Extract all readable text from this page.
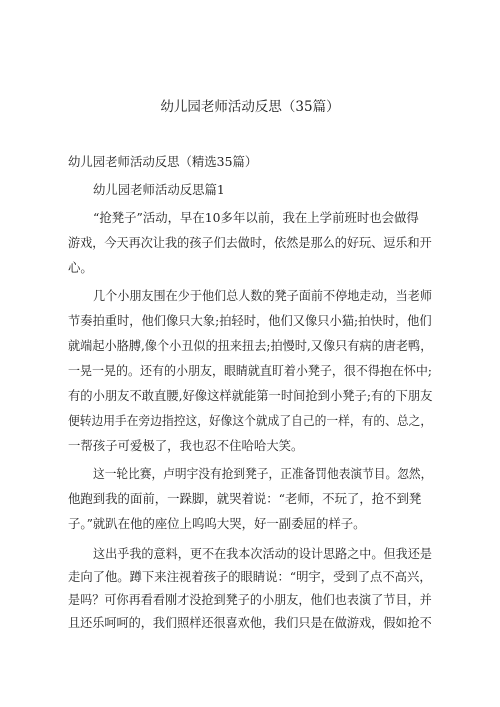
幼儿园老师活动反思（35篇）
幼儿园老师活动反思（精选35篇）
幼儿园老师活动反思篇1
“抢凳子”活动，早在10多年以前，我在上学前班时也会做得
游戏，今天再次让我的孩子们去做时，依然是那么的好玩、逗乐和开
心。
几个小朋友围在少于他们总人数的凳子面前不停地走动，当老师
节奏拍重时，他们像只大象;拍轻时，他们又像只小猫;拍快时，他们
就端起小胳膊,像个小丑似的扭来扭去;拍慢时,又像只有病的唐老鸭，
一晃一晃的。还有的小朋友，眼睛就直盯着小凳子，很不得抱在怀中;
有的小朋友不敢直腰,好像这样就能第一时间抢到小凳子;有的下朋友
便转边用手在旁边指控这，好像这个就成了自己的一样，有的、总之，
一帮孩子可爱极了，我也忍不住哈哈大笑。
这一轮比赛，卢明宇没有抢到凳子，正准备罚他表演节目。忽然，
他跑到我的面前，一跺脚，就哭着说：“老师，不玩了，抢不到凳
子。”就趴在他的座位上呜呜大哭，好一副委屈的样子。
这出乎我的意料，更不在我本次活动的设计思路之中。但我还是
走向了他。蹲下来注视着孩子的眼睛说：“明宇，受到了点不高兴，
是吗？可你再看看刚才没抢到凳子的小朋友，他们也表演了节目，并
且还乐呵呵的，我们照样还很喜欢他，我们只是在做游戏，假如抢不
